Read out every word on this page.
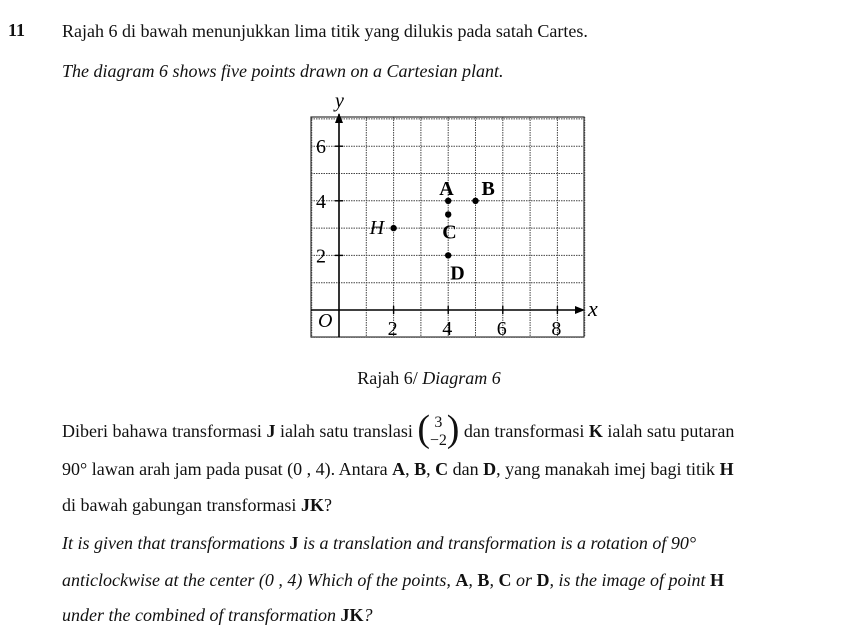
11 Rajah 6 di bawah menunjukkan lima titik yang dilukis pada satah Cartes.
The diagram 6 shows five points drawn on a Cartesian plant.
y
x
O
2
4
6
2 4 6 8
A B
C
D
H
Rajah 6/ Diagram 6
Diberi bahawa transformasi J ialah satu translasi ( 3
−2 ) dan transformasi K ialah satu putaran
90° lawan arah jam pada pusat (0 , 4). Antara A, B, C dan D, yang manakah imej bagi titik H
di bawah gabungan transformasi JK?
It is given that transformations J is a translation and transformation is a rotation of 90°
anticlockwise at the center (0 , 4) Which of the points, A, B, C or D, is the image of point H
under the combined of transformation JK?
